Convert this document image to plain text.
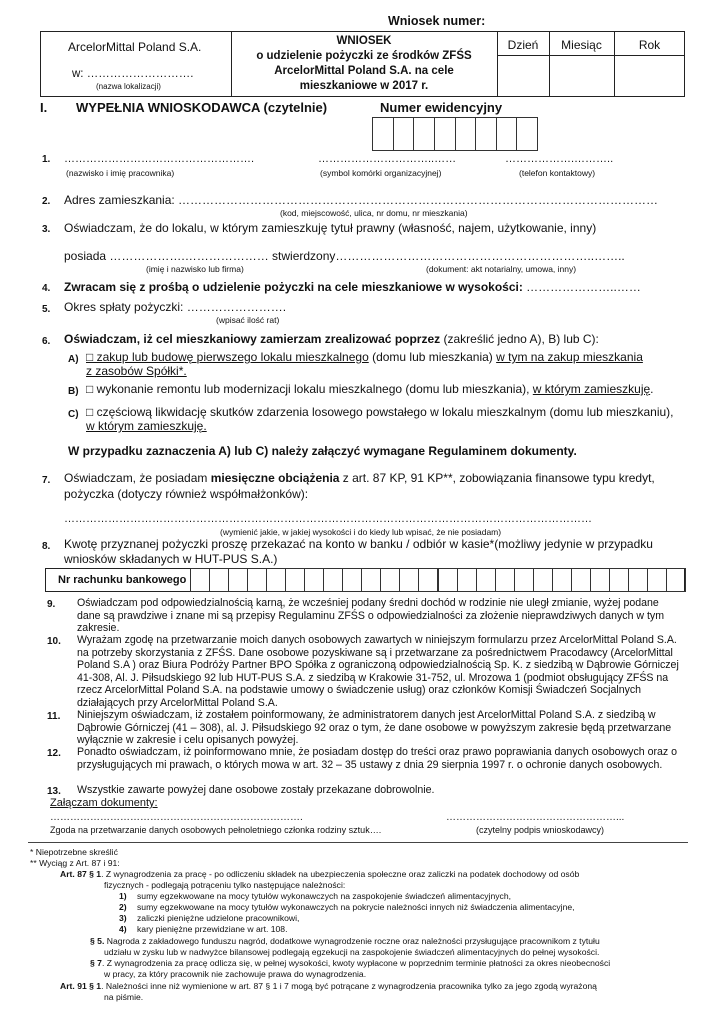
Wniosek numer:
ArcelorMittal Poland S.A.
w: ……………………….
(nazwa lokalizacji)
WNIOSEK
o udzielenie pożyczki ze środków ZFŚS
ArcelorMittal Poland S.A. na cele
mieszkaniowe w 2017 r.
Dzień	Miesiąc	Rok
I. WYPEŁNIA WNIOSKODAWCA (czytelnie)	Numer ewidencyjny
1. …………………………………………….	…………………………..……	……………….………..
(nazwisko i imię pracownika)	(symbol komórki organizacyjnej)	(telefon kontaktowy)
2. Adres zamieszkania: …………………………………………………………………………………………………………
(kod, miejscowość, ulica, nr domu, nr mieszkania)
3. Oświadczam, że do lokalu, w którym zamieszkuję tytuł prawny (własność, najem, użytkowanie, inny)
posiada ……………….………………… stwierdzony………………………………………………………..……..
(imię i nazwisko lub firma)	(dokument: akt notarialny, umowa, inny)
4. Zwracam się z prośbą o udzielenie pożyczki na cele mieszkaniowe w wysokości: …………………..……
5. Okres spłaty pożyczki: …………………….
(wpisać ilość rat)
6. Oświadczam, iż cel mieszkaniowy zamierzam zrealizować poprzez (zakreślić jedno A), B) lub C):
A) □ zakup lub budowę pierwszego lokalu mieszkalnego (domu lub mieszkania) w tym na zakup mieszkania
z zasobów Spółki*.
B) □ wykonanie remontu lub modernizacji lokalu mieszkalnego (domu lub mieszkania), w którym zamieszkuję.
C) □ częściową likwidację skutków zdarzenia losowego powstałego w lokalu mieszkalnym (domu lub mieszkaniu),
w którym zamieszkuję.
W przypadku zaznaczenia A) lub C) należy załączyć wymagane Regulaminem dokumenty.
7. Oświadczam, że posiadam miesięczne obciążenia z art. 87 KP, 91 KP**, zobowiązania finansowe typu kredyt,
pożyczka (dotyczy również współmałżonków):
………………………………………………………………………………………………………………………………
(wymienić jakie, w jakiej wysokości i do kiedy lub wpisać, że nie posiadam)
8. Kwotę przyznanej pożyczki proszę przekazać na konto w banku / odbiór w kasie*(możliwy jedynie w przypadku
wniosków składanych w HUT-PUS S.A.)
Nr rachunku bankowego
9. Oświadczam pod odpowiedzialnością karną, że wcześniej podany średni dochód w rodzinie nie uległ zmianie, wyżej podane dane są prawdziwe i znane mi są przepisy Regulaminu ZFŚS o odpowiedzialności za złożenie nieprawdziwych danych w tym zakresie.
10. Wyrażam zgodę na przetwarzanie moich danych osobowych zawartych w niniejszym formularzu przez ArcelorMittal Poland S.A. na potrzeby skorzystania z ZFŚS. Dane osobowe pozyskiwane są i przetwarzane za pośrednictwem Pracodawcy (ArcelorMittal Poland S.A ) oraz Biura Podróży Partner BPO Spółka z ograniczoną odpowiedzialnością Sp. K. z siedzibą w Dąbrowie Górniczej 41-308, Al. J. Piłsudskiego 92 lub HUT-PUS S.A. z siedzibą w Krakowie 31-752, ul. Mrozowa 1 (podmiot obsługujący ZFŚS na rzecz ArcelorMittal Poland S.A. na podstawie umowy o świadczenie usług) oraz członków Komisji Świadczeń Socjalnych działających przy ArcelorMittal Poland S.A.
11. Niniejszym oświadczam, iż zostałem poinformowany, że administratorem danych jest ArcelorMittal Poland S.A. z siedzibą w Dąbrowie Górniczej (41 – 308), al. J. Piłsudskiego 92 oraz o tym, że dane osobowe w powyższym zakresie będą przetwarzane wyłącznie w zakresie i celu opisanych powyżej.
12. Ponadto oświadczam, iż poinformowano mnie, że posiadam dostęp do treści oraz prawo poprawiania danych osobowych oraz o przysługujących mi prawach, o których mowa w art. 32 – 35 ustawy z dnia 29 sierpnia 1997 r. o ochronie danych osobowych.
13. Wszystkie zawarte powyżej dane osobowe zostały przekazane dobrowolnie.
Załączam dokumenty:
………………………………………………………………….	……………………………………………...
Zgoda na przetwarzanie danych osobowych pełnoletniego członka rodziny sztuk….	(czytelny podpis wnioskodawcy)
* Niepotrzebne skreślić
** Wyciąg z Art. 87 i 91:
Art. 87 § 1. Z wynagrodzenia za pracę - po odliczeniu składek na ubezpieczenia społeczne oraz zaliczki na podatek dochodowy od osób
fizycznych - podlegają potrąceniu tylko następujące należności:
1) sumy egzekwowane na mocy tytułów wykonawczych na zaspokojenie świadczeń alimentacyjnych,
2) sumy egzekwowane na mocy tytułów wykonawczych na pokrycie należności innych niż świadczenia alimentacyjne,
3) zaliczki pieniężne udzielone pracownikowi,
4) kary pieniężne przewidziane w art. 108.
§ 5. Nagroda z zakładowego funduszu nagród, dodatkowe wynagrodzenie roczne oraz należności przysługujące pracownikom z tytułu
udziału w zysku lub w nadwyżce bilansowej podlegają egzekucji na zaspokojenie świadczeń alimentacyjnych do pełnej wysokości.
§ 7. Z wynagrodzenia za pracę odlicza się, w pełnej wysokości, kwoty wypłacone w poprzednim terminie płatności za okres nieobecności
w pracy, za który pracownik nie zachowuje prawa do wynagrodzenia.
Art. 91 § 1. Należności inne niż wymienione w art. 87 § 1 i 7 mogą być potrącane z wynagrodzenia pracownika tylko za jego zgodą wyrażoną
na piśmie.
